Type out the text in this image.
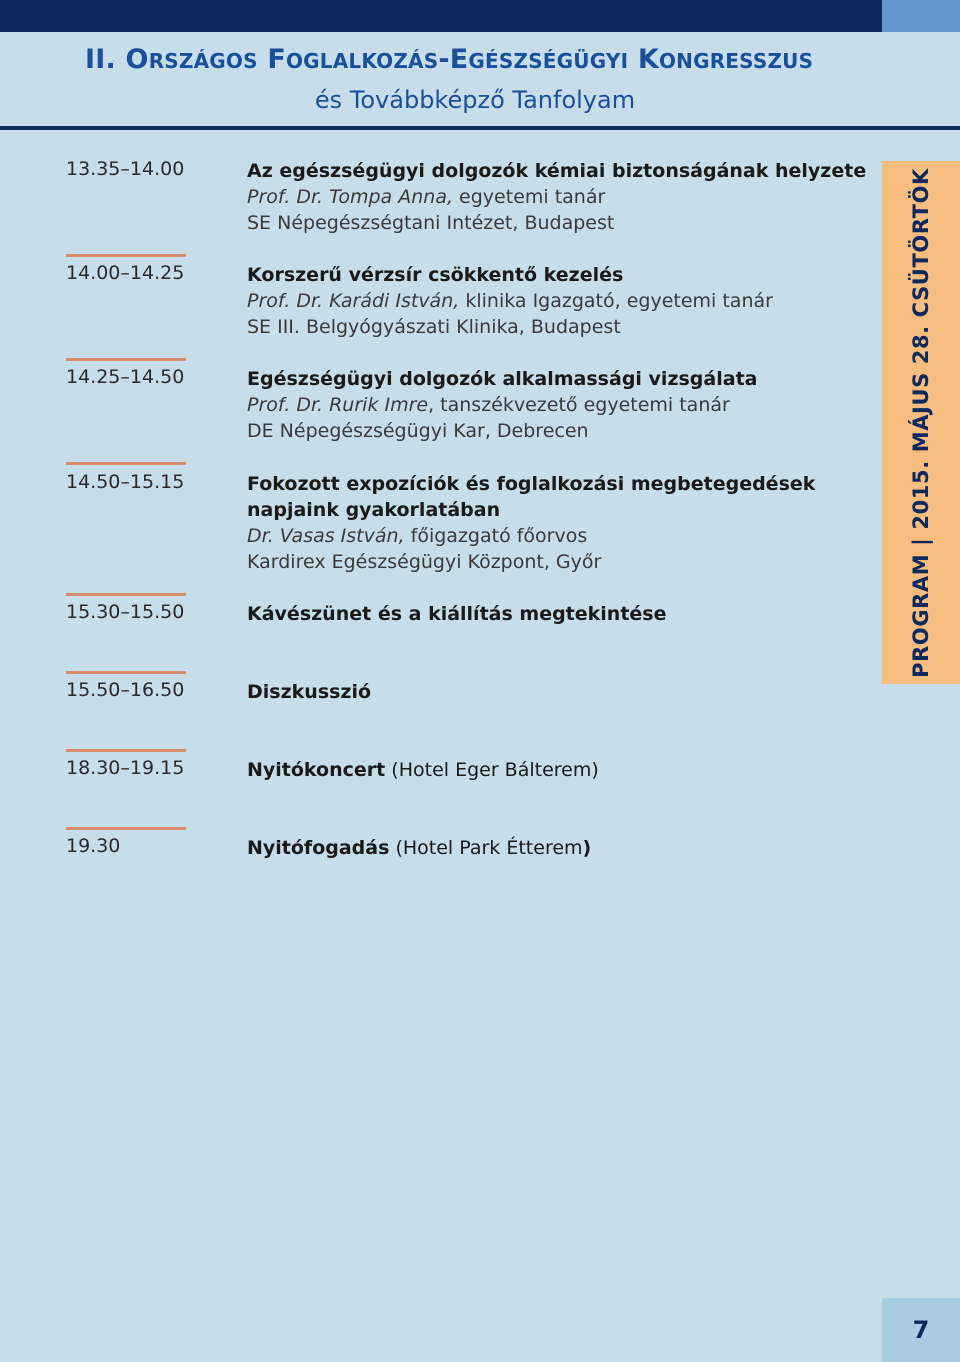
II. ORSZÁGOS FOGLALKOZÁS-EGÉSZSÉGÜGYI KONGRESSZUS
és Továbbképző Tanfolyam
PROGRAM | 2015. MÁJUS 28. CSÜTÖRTÖK
13.35–14.00	Az egészségügyi dolgozók kémiai biztonságának helyzete
Prof. Dr. Tompa Anna, egyetemi tanár
SE Népegészségtani Intézet, Budapest
14.00–14.25	Korszerű vérzsír csökkentő kezelés
Prof. Dr. Karádi István, klinika Igazgató, egyetemi tanár
SE III. Belgyógyászati Klinika, Budapest
14.25–14.50	Egészségügyi dolgozók alkalmassági vizsgálata
Prof. Dr. Rurik Imre, tanszékvezető egyetemi tanár
DE Népegészségügyi Kar, Debrecen
14.50–15.15	Fokozott expozíciók és foglalkozási megbetegedések
napjaink gyakorlatában
Dr. Vasas István, főigazgató főorvos
Kardirex Egészségügyi Központ, Győr
15.30–15.50	Kávészünet és a kiállítás megtekintése
15.50–16.50	Diszkusszió
18.30–19.15	Nyitókoncert (Hotel Eger Bálterem)
19.30	Nyitófogadás (Hotel Park Étterem)
7
